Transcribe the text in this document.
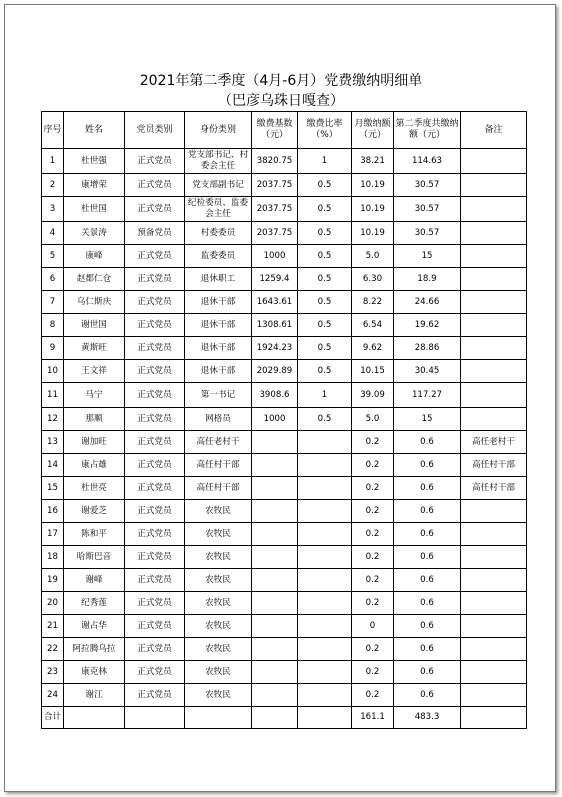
2021年第二季度（4月-6月）党费缴纳明细单
（巴彦乌珠日嘎查）
序号	姓名	党员类别	身份类别	缴费基数（元）	缴费比率（%）	月缴纳额（元）	第二季度共缴纳额（元）	备注
1	杜世强	正式党员	党支部书记、村委会主任	3820.75	1	38.21	114.63	
2	康增荣	正式党员	党支部副书记	2037.75	0.5	10.19	30.57	
3	杜世国	正式党员	纪检委员、监委会主任	2037.75	0.5	10.19	30.57	
4	关景涛	预备党员	村委委员	2037.75	0.5	10.19	30.57	
5	康峰	正式党员	监委委员	1000	0.5	5.0	15	
6	赵都仁仓	正式党员	退休职工	1259.4	0.5	6.30	18.9	
7	乌仁斯庆	正式党员	退休干部	1643.61	0.5	8.22	24.66	
8	谢世国	正式党员	退休干部	1308.61	0.5	6.54	19.62	
9	黄斯旺	正式党员	退休干部	1924.23	0.5	9.62	28.86	
10	王文祥	正式党员	退休干部	2029.89	0.5	10.15	30.45	
11	马宁	正式党员	第一书记	3908.6	1	39.09	117.27	
12	那顺	正式党员	网格员	1000	0.5	5.0	15	
13	谢加旺	正式党员	高任老村干			0.2	0.6	高任老村干
14	康占雄	正式党员	高任村干部			0.2	0.6	高任村干部
15	杜世亮	正式党员	高任村干部			0.2	0.6	高任村干部
16	谢爱芝	正式党员	农牧民			0.2	0.6	
17	陈和平	正式党员	农牧民			0.2	0.6	
18	哈斯巴音	正式党员	农牧民			0.2	0.6	
19	谢峰	正式党员	农牧民			0.2	0.6	
20	纪秀莲	正式党员	农牧民			0.2	0.6	
21	谢占华	正式党员	农牧民			0	0.6	
22	阿拉腾乌拉	正式党员	农牧民			0.2	0.6	
23	康克林	正式党员	农牧民			0.2	0.6	
24	谢江	正式党员	农牧民			0.2	0.6	
合计						161.1	483.3	
